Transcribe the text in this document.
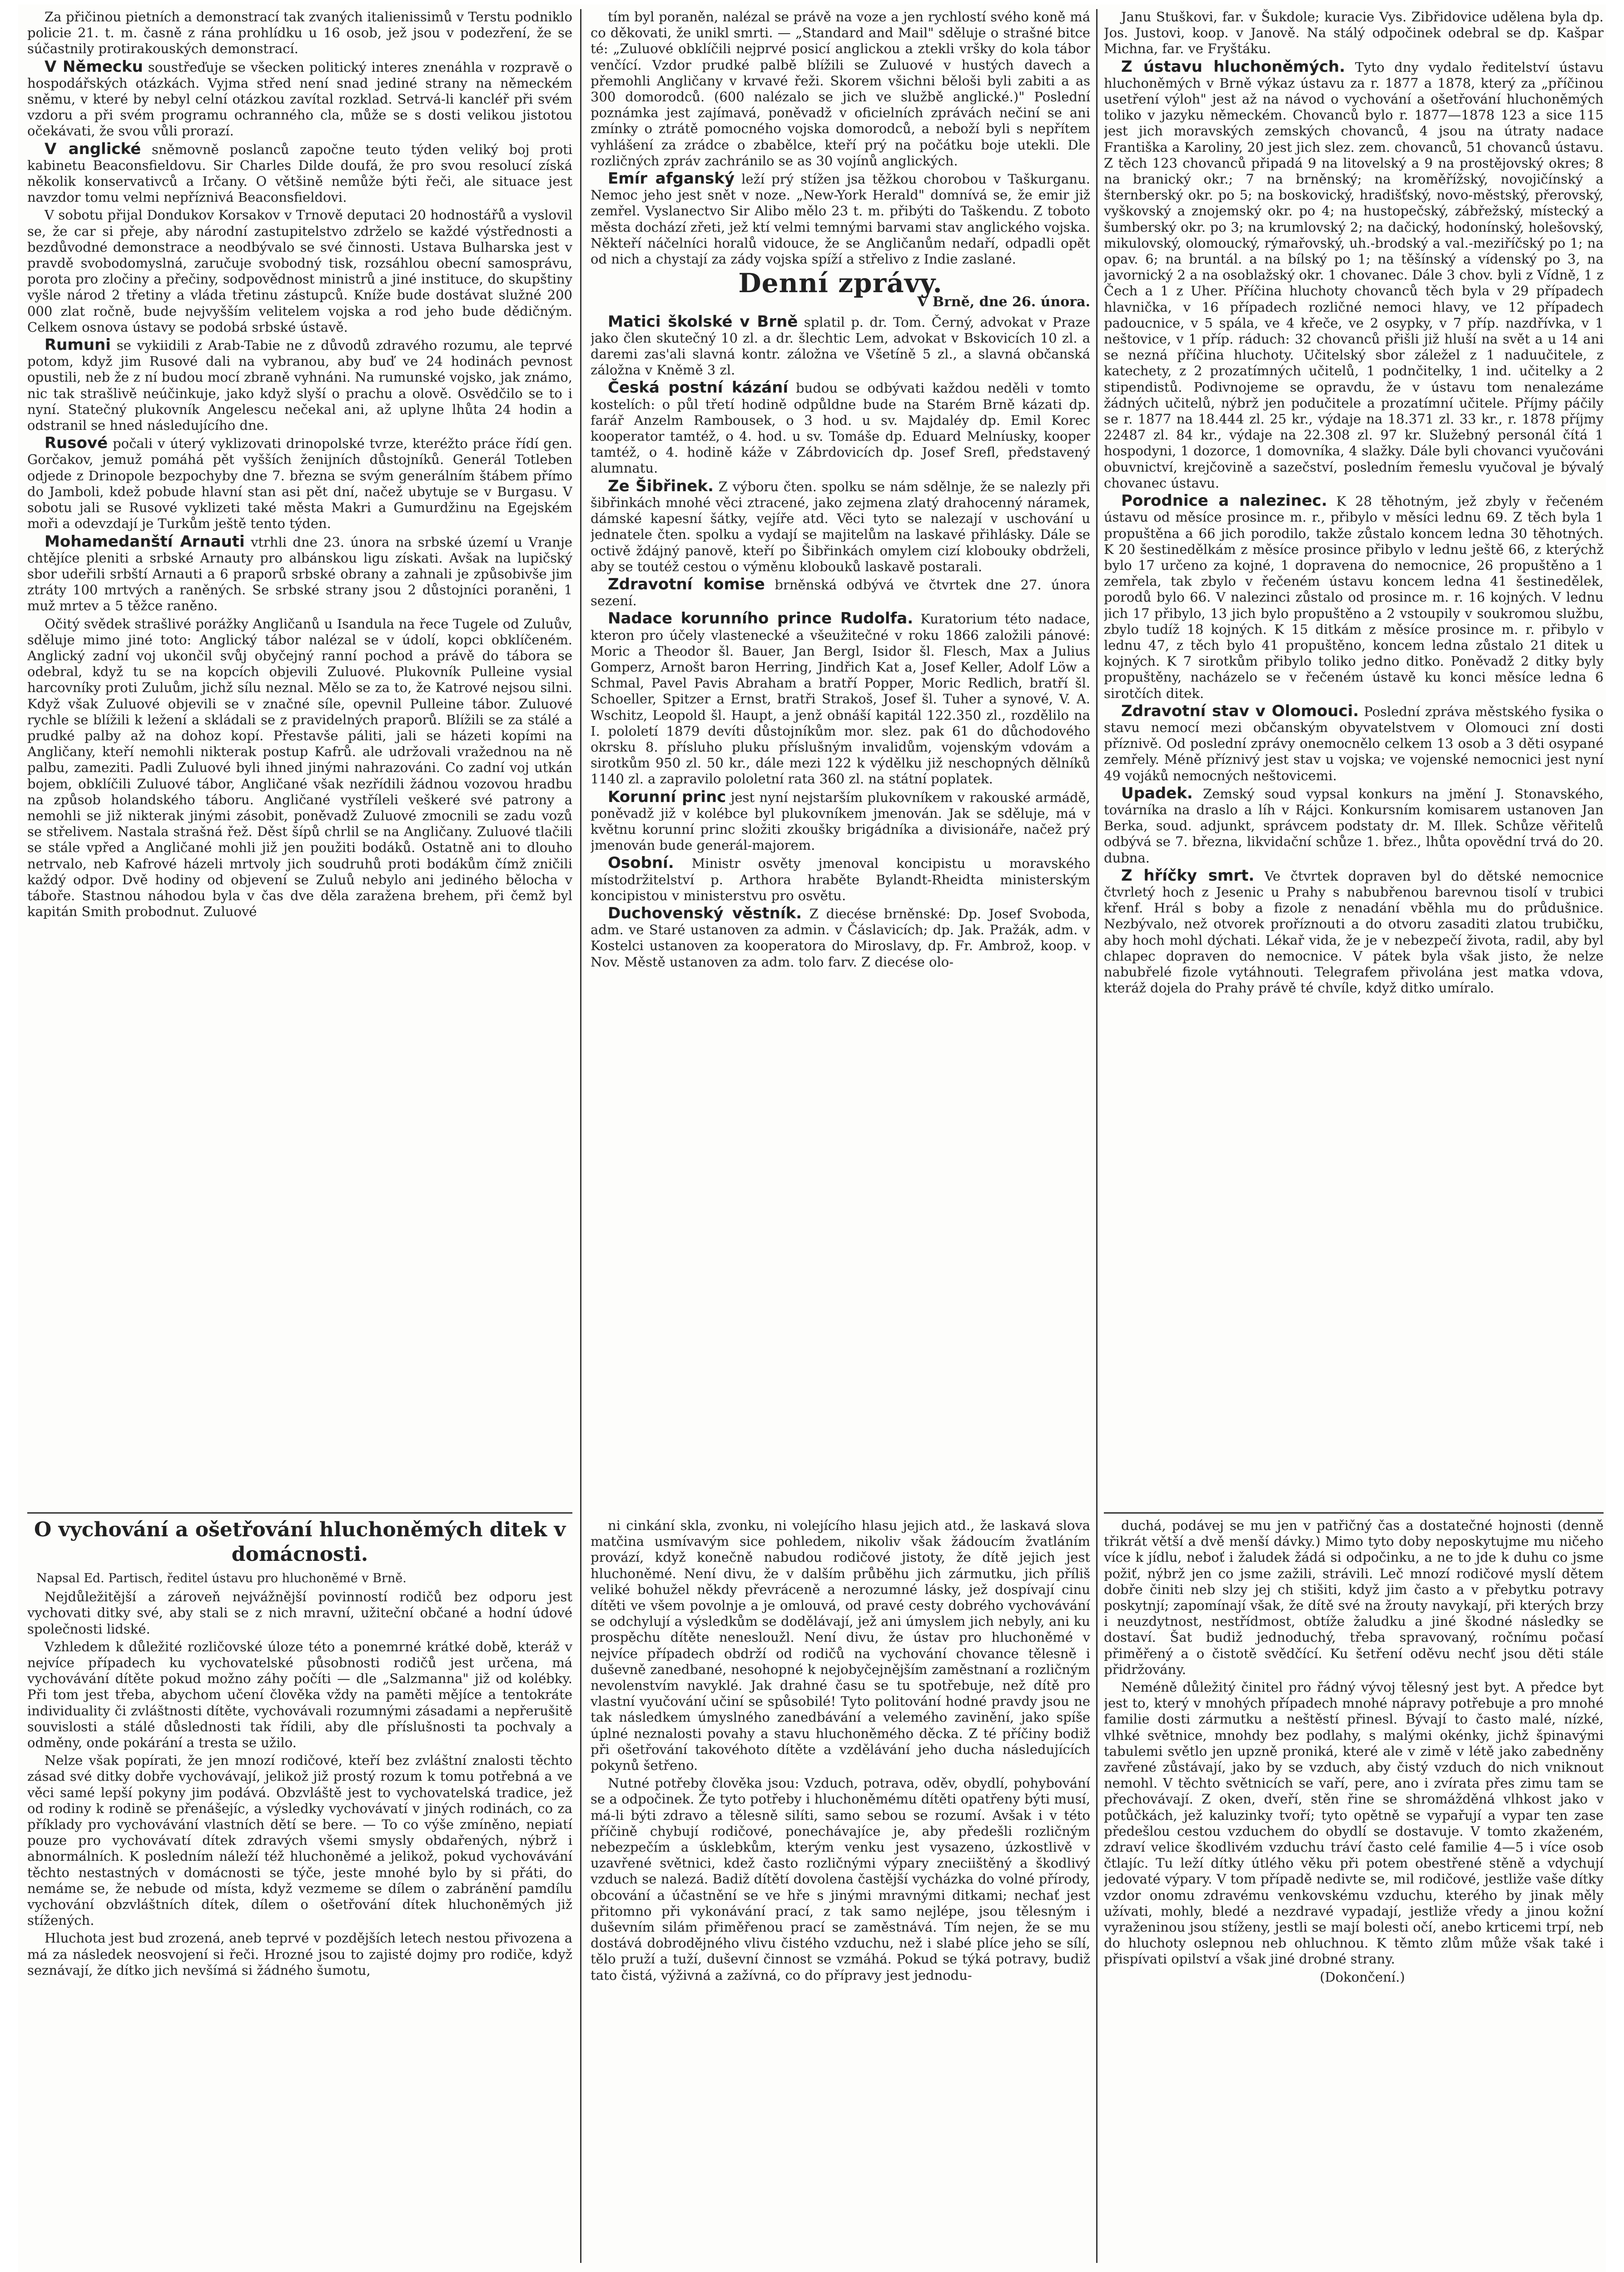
Za přičinou pietních a demonstrací tak zvaných italienissimů v Terstu podniklo policie 21. t. m. časně z rána prohlídku u 16 osob, jež jsou v podezření, že se súčastnily protirakouských demonstrací.

V Německu soustřeďuje se všecken politický interes znenáhla v rozpravě o hospodářských otázkách. Vyjma střed není snad jediné strany na německém sněmu, v které by nebyl celní otázkou zavítal rozklad. Setrvá-li kancléř při svém vzdoru a při svém programu ochranného cla, může se s dosti velikou jistotou očekávati, že svou vůli prorazí.

V anglické sněmovně poslanců započne teuto týden veliký boj proti kabinetu Beaconsfieldovu. Sir Charles Dilde doufá, že pro svou resolucí získá několik konservativců a Irčany. O většině nemůže býti řeči, ale situace jest navzdor tomu velmi nepříznivá Beaconsfieldovi.

V sobotu přijal Dondukov Korsakov v Trnově deputaci 20 hodnostářů a vyslovil se, že car si přeje, aby národní zastupitelstvo zdrželo se každé výstřednosti a bezdůvodné demonstrace a neodbývalo se své činnosti. Ustava Bulharska jest v pravdě svobodomyslná, zaručuje svobodný tisk, rozsáhlou obecní samosprávu, porota pro zločiny a přečiny, sodpovědnost ministrů a jiné instituce, do skupštiny vyšle národ 2 třetiny a vláda třetinu zástupců. Kníže bude dostávat služné 200 000 zlat ročně, bude nejvyšším velitelem vojska a rod jeho bude dědičným. Celkem osnova ústavy se podobá srbské ústavě.

Rumuni se vykiidili z Arab-Tabie ne z důvodů zdravého rozumu, ale teprvé potom, když jim Rusové dali na vybranou, aby buď ve 24 hodinách pevnost opustili, neb že z ní budou mocí zbraně vyhnáni. Na rumunské vojsko, jak známo, nic tak strašlivě neúčinkuje, jako když slyší o prachu a olově. Osvědčilo se to i nyní. Statečný plukovník Angelescu nečekal ani, až uplyne lhůta 24 hodin a odstranil se hned následujícího dne.

Rusové počali v úterý vyklizovati drinopolské tvrze, kteréžto práce řídí gen. Gorčakov, jemuž pomáhá pět vyšších ženijních důstojníků. Generál Totleben odjede z Drinopole bezpochyby dne 7. března se svým generálním štábem přímo do Jamboli, kdež pobude hlavní stan asi pět dní, načež ubytuje se v Burgasu. V sobotu jali se Rusové vyklizeti také města Makri a Gumurdžinu na Egejském moři a odevzdají je Turkům ještě tento týden.

Mohamedanští Arnauti vtrhli dne 23. února na srbské území u Vranje chtějíce pleniti a srbské Arnauty pro albánskou ligu získati. Avšak na lupičský sbor udeřili srbští Arnauti a 6 praporů srbské obrany a zahnali je způsobivše jim ztráty 100 mrtvých a raněných. Se srbské strany jsou 2 důstojníci poraněni, 1 muž mrtev a 5 těžce raněno.

Očitý svědek strašlivé porážky Angličanů u Isandula na řece Tugele od Zuluův, sděluje mimo jiné toto: Anglický tábor nalézal se v údolí, kopci obklíčeném. Anglický zadní voj ukončil svůj obyčejný ranní pochod a právě do tábora se odebral, když tu se na kopcích objevili Zuluové. Plukovník Pulleine vysial harcovníky proti Zuluům, jichž sílu neznal. Mělo se za to, že Katrové nejsou silni. Když však Zuluové objevili se v značné síle, opevnil Pulleine tábor. Zuluové rychle se blížili k ležení a skládali se z pravidelných praporů. Blížili se za stálé a prudké palby až na dohoz kopí. Přestavše páliti, jali se házeti kopími na Angličany, kteří nemohli nikterak postup Kafrů. ale udržovali vražednou na ně palbu, zameziti. Padli Zuluové byli ihned jinými nahrazováni. Co zadní voj utkán bojem, obklíčili Zuluové tábor, Angličané však nezřídili žádnou vozovou hradbu na způsob holandského táboru. Angličané vystříleli veškeré své patrony a nemohli se již nikterak jinými zásobit, poněvadž Zuluové zmocnili se zadu vozů se střelivem. Nastala strašná řež. Děst šípů chrlil se na Angličany. Zuluové tlačili se stále vpřed a Angličané mohli již jen použiti bodáků. Ostatně ani to dlouho netrvalo, neb Kafrové házeli mrtvoly jich soudruhů proti bodákům čímž zničili každý odpor. Dvě hodiny od objevení se Zuluů nebylo ani jediného bělocha v táboře. Stastnou náhodou byla v čas dve děla zaražena brehem, při čemž byl kapitán Smith probodnut. Zuluové

tím byl poraněn, nalézal se právě na voze a jen rychlostí svého koně má co děkovati, že unikl smrti. — „Standard and Mail" sděluje o strašné bitce té: „Zuluové obklíčili nejprvé posicí anglickou a ztekli vršky do kola tábor venčící. Vzdor prudké palbě blížili se Zuluové v hustých davech a přemohli Angličany v krvavé řeži. Skorem všichni běloši byli zabiti a as 300 domorodců. (600 nalézalo se jich ve službě anglické.)" Poslední poznámka jest zajímavá, poněvadž v oficielních zprávách nečiní se ani zmínky o ztrátě pomocného vojska domorodců, a neboží byli s nepřítem vyhlášení za zrádce o zbabělce, kteří prý na počátku boje utekli. Dle rozličných zpráv zachránilo se as 30 vojínů anglických.

Emír afganský leží prý stížen jsa těžkou chorobou v Taškurganu. Nemoc jeho jest snět v noze. „New-York Herald" domnívá se, že emir již zemřel. Vyslanectvo Sir Alibo mělo 23 t. m. přibýti do Taškendu. Z toboto města dochází zřeti, jež ktí velmi temnými barvami stav anglického vojska. Někteří náčelníci horalů vidouce, že se Angličanům nedaří, odpadli opět od nich a chystají za zády vojska spíží a střelivo z Indie zaslané.

Denní zprávy.
V Brně, dne 26. února.

Matici školské v Brně splatil p. dr. Tom. Černý, advokat v Praze jako člen skutečný 10 zl. a dr. šlechtic Lem, advokat v Bskovicích 10 zl. a daremi zas'ali slavná kontr. záložna ve Všetíně 5 zl., a slavná občanská záložna v Kněmě 3 zl.

Česká postní kázání budou se odbývati každou neděli v tomto kostelích: o půl třetí hodině odpůldne bude na Starém Brně kázati dp. farář Anzelm Rambousek, o 3 hod. u sv. Majdaléy dp. Emil Korec kooperator tamtéž, o 4. hod. u sv. Tomáše dp. Eduard Melníusky, kooper tamtéž, o 4. hodině káže v Zábrdovicích dp. Josef Srefl, představený alumnatu.

Ze Šibřinek. Z výboru čten. spolku se nám sdělnje, že se nalezly při šibřinkách mnohé věci ztracené, jako zejmena zlatý drahocenný náramek, dámské kapesní šátky, vejíře atd. Věci tyto se nalezají v uschování u jednatele čten. spolku a vydají se majitelům na laskavé přihlásky. Dále se octivě ždájný panově, kteří po Šibřinkách omylem cizí klobouky obdrželi, aby se toutéž cestou o výměnu klobouků laskavě postarali.

Zdravotní komise brněnská odbývá ve čtvrtek dne 27. února sezení.

Nadace korunního prince Rudolfa. Kuratorium této nadace, kteron pro účely vlastenecké a všeužitečné v roku 1866 založili pánové: Moric a Theodor šl. Bauer, Jan Bergl, Isidor šl. Flesch, Max a Julius Gomperz, Arnošt baron Herring, Jindřich Kat a, Josef Keller, Adolf Löw a Schmal, Pavel Pavis Abraham a bratří Popper, Moric Redlich, bratří šl. Schoeller, Spitzer a Ernst, bratři Strakoš, Josef šl. Tuher a synové, V. A. Wschitz, Leopold šl. Haupt, a jenž obnáší kapitál 122.350 zl., rozdělilo na I. pololetí 1879 devíti důstojníkům mor. slez. pak 61 do důchodového okrsku 8. přísluho pluku příslušným invalidům, vojenským vdovám a sirotkům 950 zl. 50 kr., dále mezi 122 k výdělku již neschopných dělníků 1140 zl. a zapravilo pololetní rata 360 zl. na státní poplatek.

Korunní princ jest nyní nejstarším plukovníkem v rakouské armádě, poněvadž již v kolébce byl plukovníkem jmenován. Jak se sděluje, má v květnu korunní princ složiti zkoušky brigádníka a divisionáře, načež prý jmenován bude generál-majorem.

Osobní. Ministr osvěty jmenoval koncipistu u moravského místodržitelství p. Arthora hraběte Bylandt-Rheidta ministerským koncipistou v ministerstvu pro osvětu.

Duchovenský věstník. Z diecése brněnské: Dp. Josef Svoboda, adm. ve Staré ustanoven za admin. v Čáslavicích; dp. Jak. Pražák, adm. v Kostelci ustanoven za kooperatora do Miroslavy, dp. Fr. Ambrož, koop. v Nov. Městě ustanoven za adm. tolo farv. Z diecése olo-

Janu Stuškovi, far. v Šukdole; kuracie Vys. Zibřidovice udělena byla dp. Jos. Justovi, koop. v Janově. Na stálý odpočinek odebral se dp. Kašpar Michna, far. ve Fryštáku.

Z ústavu hluchoněmých. Tyto dny vydalo ředitelství ústavu hluchoněmých v Brně výkaz ústavu za r. 1877 a 1878, který za „příčinou usetření výloh" jest až na návod o vychování a ošetřování hluchoněmých toliko v jazyku německém. Chovanců bylo r. 1877—1878 123 a sice 115 jest jich moravských zemských chovanců, 4 jsou na útraty nadace Františka a Karoliny, 20 jest jich slez. zem. chovanců, 51 chovanců ústavu. Z těch 123 chovanců připadá 9 na litovelský a 9 na prostějovský okres; 8 na branický okr.; 7 na brněnský; na kroměřížský, novojičínský a šternberský okr. po 5; na boskovický, hradišťský, novo-městský, přerovský, vyškovský a znojemský okr. po 4; na hustopečský, zábřežský, místecký a šumberský okr. po 3; na krumlovský 2; na dačický, hodonínský, holešovský, mikulovský, olomoucký, rýmařovský, uh.-brodský a val.-meziříčský po 1; na opav. 6; na bruntál. a na bílský po 1; na těšínský a vídenský po 3, na javornický 2 a na osoblažský okr. 1 chovanec. Dále 3 chov. byli z Vídně, 1 z Čech a 1 z Uher. Příčina hluchoty chovanců těch byla v 29 případech hlavnička, v 16 případech rozličné nemoci hlavy, ve 12 případech padoucnice, v 5 spála, ve 4 křeče, ve 2 osypky, v 7 příp. nazdřívka, v 1 neštovice, v 1 příp. ráduch: 32 chovanců přišli již hluší na svět a u 14 ani se nezná příčina hluchoty. Učitelský sbor záležel z 1 naduučitele, z katechety, z 2 prozatímných učitelů, 1 podnčitelky, 1 ind. učitelky a 2 stipendistů. Podivnojeme se opravdu, že v ústavu tom nenalezáme žádných učitelů, nýbrž jen podučitele a prozatímní učitele. Příjmy páčily se r. 1877 na 18.444 zl. 25 kr., výdaje na 18.371 zl. 33 kr., r. 1878 příjmy 22487 zl. 84 kr., výdaje na 22.308 zl. 97 kr. Služebný personál čítá 1 hospodyni, 1 dozorce, 1 domovníka, 4 slažky. Dále byli chovanci vyučováni obuvnictví, krejčovině a sazečství, posledním řemeslu vyučoval je bývalý chovanec ústavu.

Porodnice a nalezinec. K 28 těhotným, jež zbyly v řečeném ústavu od měsíce prosince m. r., přibylo v měsíci lednu 69. Z těch byla 1 propuštěna a 66 jich porodilo, takže zůstalo koncem ledna 30 těhotných. K 20 šestinedělkám z měsíce prosince přibylo v lednu ještě 66, z kterýchž bylo 17 určeno za kojné, 1 dopravena do nemocnice, 26 propuštěno a 1 zemřela, tak zbylo v řečeném ústavu koncem ledna 41 šestinedělek, porodů bylo 66. V nalezinci zůstalo od prosince m. r. 16 kojných. V lednu jich 17 přibylo, 13 jich bylo propuštěno a 2 vstoupily v soukromou službu, zbylo tudíž 18 kojných. K 15 ditkám z měsíce prosince m. r. přibylo v lednu 47, z těch bylo 41 propuštěno, koncem ledna zůstalo 21 ditek u kojných. K 7 sirotkům přibylo toliko jedno ditko. Poněvadž 2 ditky byly propuštěny, nacházelo se v řečeném ústavě ku konci měsíce ledna 6 sirotčích ditek.

Zdravotní stav v Olomouci. Poslední zpráva městského fysika o stavu nemocí mezi občanským obyvatelstvem v Olomouci zní dosti příznivě. Od poslední zprávy onemocnělo celkem 13 osob a 3 děti osypané zemřely. Méně příznivý jest stav u vojska; ve vojenské nemocnici jest nyní 49 vojáků nemocných neštovicemi.

Upadek. Zemský soud vypsal konkurs na jmění J. Stonavského, továrníka na draslo a líh v Rájci. Konkursním komisarem ustanoven Jan Berka, soud. adjunkt, správcem podstaty dr. M. Illek. Schůze věřitelů odbývá se 7. března, likvidační schůze 1. břez., lhůta opovědní trvá do 20. dubna.

Z hříčky smrt. Ve čtvrtek dopraven byl do dětské nemocnice čtvrletý hoch z Jesenic u Prahy s nabubřenou barevnou tisolí v trubici křenf. Hrál s boby a fizole z nenadání vběhla mu do průdušnice. Nezbývalo, než otvorek proříznouti a do otvoru zasaditi zlatou trubičku, aby hoch mohl dýchati. Lékař vida, že je v nebezpečí života, radil, aby byl chlapec dopraven do nemocnice. V pátek byla však jisto, že nelze nabubřelé fizole vytáhnouti. Telegrafem přivolána jest matka vdova, kteráž dojela do Prahy právě té chvíle, když ditko umíralo.

O vychování a ošetřování hluchoněmých ditek v domácnosti.
Napsal Ed. Partisch, ředitel ústavu pro hluchoněmé v Brně.

Nejdůležitější a zároveň nejvážnější povinností rodičů bez odporu jest vychovati ditky své, aby stali se z nich mravní, užiteční občané a hodní údové společnosti lidské.

Vzhledem k důležité rozličovské úloze této a ponemrné krátké době, kteráž v nejvíce případech ku vychovatelské působnosti rodičů jest určena, má vychovávání dítěte pokud možno záhy počíti — dle „Salzmanna" již od kolébky. Při tom jest třeba, abychom učení člověka vždy na paměti mějíce a tentokráte individuality či zvláštnosti dítěte, vychovávali rozumnými zásadami a nepřerušitě souvislosti a stálé důslednosti tak řídili, aby dle příslušnosti ta pochvaly a odměny, onde pokárání a tresta se užilo.

Nelze však popírati, že jen mnozí rodičové, kteří bez zvláštní znalosti těchto zásad své ditky dobře vychovávají, jelikož již prostý rozum k tomu potřebná a ve věci samé lepší pokyny jim podává. Obzvláště jest to vychovatelská tradice, jež od rodiny k rodině se přenášejíc, a výsledky vychovávatí v jiných rodinách, co za příklady pro vychovávání vlastních dětí se bere. — To co výše zmíněno, nepiatí pouze pro vychovávatí dítek zdravých všemi smysly obdařených, nýbrž i abnormálních. K posledním náleží též hluchoněmé a jelikož, pokud vychovávání těchto nestastných v domácnosti se týče, jeste mnohé bylo by si přáti, do nemáme se, že nebude od místa, když vezmeme se dílem o zabránění pamdílu vychování obzvláštních dítek, dílem o ošetřování dítek hluchoněmých již stížených.

Hluchota jest bud zrozená, aneb teprvé v pozdějších letech nestou přivozena a má za následek neosvojení si řeči. Hrozné jsou to zajisté dojmy pro rodiče, když seznávají, že dítko jich nevšímá si žádného šumotu,

ni cinkání skla, zvonku, ni volejícího hlasu jejich atd., že laskavá slova matčina usmívavým sice pohledem, nikoliv však žádoucím žvatláním provází, když konečně nabudou rodičové jistoty, že dítě jejich jest hluchoněmé. Není divu, že v dalším průběhu jich zármutku, jich příliš veliké bohužel někdy převráceně a nerozumné lásky, jež dospívají cinu dítěti ve všem povolnje a je omlouvá, od pravé cesty dobrého vychovávání se odchylují a výsledkům se dodělávají, jež ani úmyslem jich nebyly, ani ku prospěchu dítěte nenesloužl. Není divu, že ústav pro hluchoněmé v nejvíce případech obdrží od rodičů na vychování chovance tělesně i duševně zanedbané, nesohopné k nejobyčejnějším zaměstnaní a rozličným nevolenstvím navyklé. Jak drahné času se tu spotřebuje, než dítě pro vlastní vyučování učiní se spůsobilé! Tyto politování hodné pravdy jsou ne tak následkem úmyslného zanedbávání a velemého zavinění, jako spíše úplné neznalosti povahy a stavu hluchoněmého děcka. Z té příčiny bodiž při ošetřování takovéhoto dítěte a vzdělávání jeho ducha následujících pokynů šetřeno.

Nutné potřeby člověka jsou: Vzduch, potrava, oděv, obydlí, pohybování se a odpočinek. Že tyto potřeby i hluchoněmému dítěti opatřeny býti musí, má-li býti zdravo a tělesně silíti, samo sebou se rozumí. Avšak i v této příčině chybují rodičové, ponechávajíce je, aby předešli rozličným nebezpečím a úsklebkům, kterým venku jest vysazeno, úzkostlivě v uzavřené světnici, kdež často rozličnými výpary zneciištěný a škodlivý vzduch se nalezá. Badiž dítětí dovolena častější vycházka do volné přírody, obcování a účastnění se ve hře s jinými mravnými ditkami; nechať jest přitomno při vykonávání prací, z tak samo nejlépe, jsou tělesným i duševním silám přiměřenou prací se zaměstnává. Tím nejen, že se mu dostává dobrodějného vlivu čistého vzduchu, než i slabé plíce jeho se sílí, tělo pruží a tuží, duševní činnost se vzmáhá. Pokud se týká potravy, budiž tato čistá, výživná a zažívná, co do přípravy jest jednodu-

duchá, podávej se mu jen v patřičný čas a dostatečné hojnosti (denně třikrát větší a dvě menší dávky.) Mimo tyto doby neposkytujme mu ničeho více k jídlu, neboť i žaludek žádá si odpočinku, a ne to jde k duhu co jsme požiť, nýbrž jen co jsme zažili, strávili. Leč mnozí rodičové myslí dětem dobře činiti neb slzy jej ch stišiti, když jim často a v přebytku potravy poskytnjí; zapomínají však, že dítě své na žrouty navykají, při kterých brzy i neuzdytnost, nestřídmost, obtíže žaludku a jiné škodné následky se dostaví. Šat budiž jednoduchý, třeba spravovaný, ročnímu počasí přiměřený a o čistotě svědčící. Ku šetření oděvu nechť jsou děti stále přidržovány.

Neméně důležitý činitel pro řádný vývoj tělesný jest byt. A předce byt jest to, který v mnohých případech mnohé nápravy potřebuje a pro mnohé familie dosti zármutku a neštěstí přinesl. Bývají to často malé, nízké, vlhké světnice, mnohdy bez podlahy, s malými okénky, jichž špinavými tabulemi světlo jen upzně proniká, které ale v zimě v létě jako zabedněny zavřené zůstávají, jako by se vzduch, aby čistý vzduch do nich vniknout nemohl. V těchto světnicích se vaří, pere, ano i zvírata přes zimu tam se přechovávají. Z oken, dveří, stěn řine se shromážděná vlhkost jako v potůčkách, jež kaluzinky tvoří; tyto opětně se vypařují a vypar ten zase předešlou cestou vzduchem do obydlí se dostavuje. V tomto zkaženém, zdraví velice škodlivém vzduchu tráví často celé familie 4—5 i více osob čtlajíc. Tu leží dítky útlého věku při potem obestřené stěně a vdychují jedovaté výpary. V tom případě nedivte se, mil rodičové, jestliže vaše dítky vzdor onomu zdravému venkovskému vzduchu, kterého by jinak měly užívati, mohly, bledé a nezdravé vypadají, jestliže vředy a jinou kožní vyraženinou jsou stíženy, jestli se mají bolesti očí, anebo krticemi trpí, neb do hluchoty oslepnou neb ohluchnou. K těmto zlům může však také i přispívati opilství a však jiné drobné strany.

(Dokončení.)
